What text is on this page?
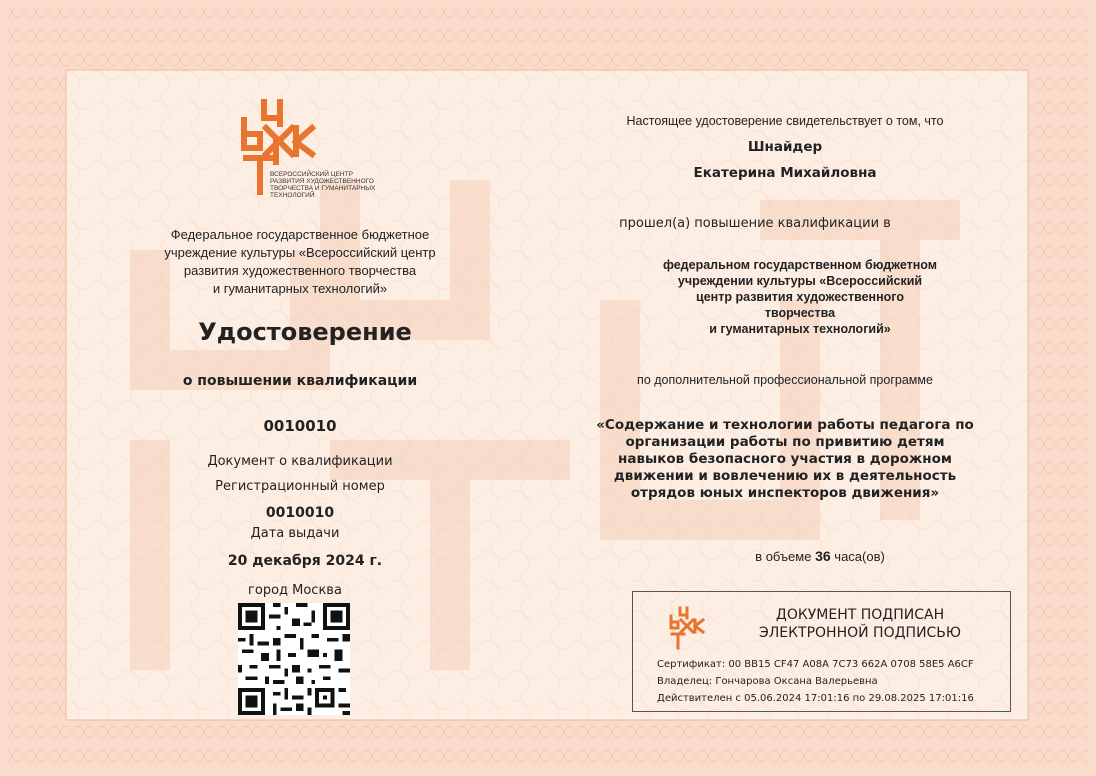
ВСЕРОССИЙСКИЙ ЦЕНТР
РАЗВИТИЯ ХУДОЖЕСТВЕННОГО
ТВОРЧЕСТВА И ГУМАНИТАРНЫХ
ТЕХНОЛОГИЙ
Федеральное государственное бюджетное
учреждение культуры «Всероссийский центр
развития художественного творчества
и гуманитарных технологий»
Удостоверение
о повышении квалификации
0010010
Документ о квалификации
Регистрационный номер
0010010
Дата выдачи
20 декабря 2024 г.
город Москва
Настоящее удостоверение свидетельствует о том, что
Шнайдер
Екатерина Михайловна
прошел(а) повышение квалификации в
федеральном государственном бюджетном
учреждении культуры «Всероссийский
центр развития художественного
творчества
и гуманитарных технологий»
по дополнительной профессиональной программе
«Содержание и технологии работы педагога по
организации работы по привитию детям
навыков безопасного участия в дорожном
движении и вовлечению их в деятельность
отрядов юных инспекторов движения»
в объеме 36 часа(ов)
ДОКУМЕНТ ПОДПИСАН
ЭЛЕКТРОННОЙ ПОДПИСЬЮ
Сертификат: 00 BB15 CF47 A08A 7C73 662A 0708 58E5 A6CF
Владелец: Гончарова Оксана Валерьевна
Действителен с 05.06.2024 17:01:16 по 29.08.2025 17:01:16
